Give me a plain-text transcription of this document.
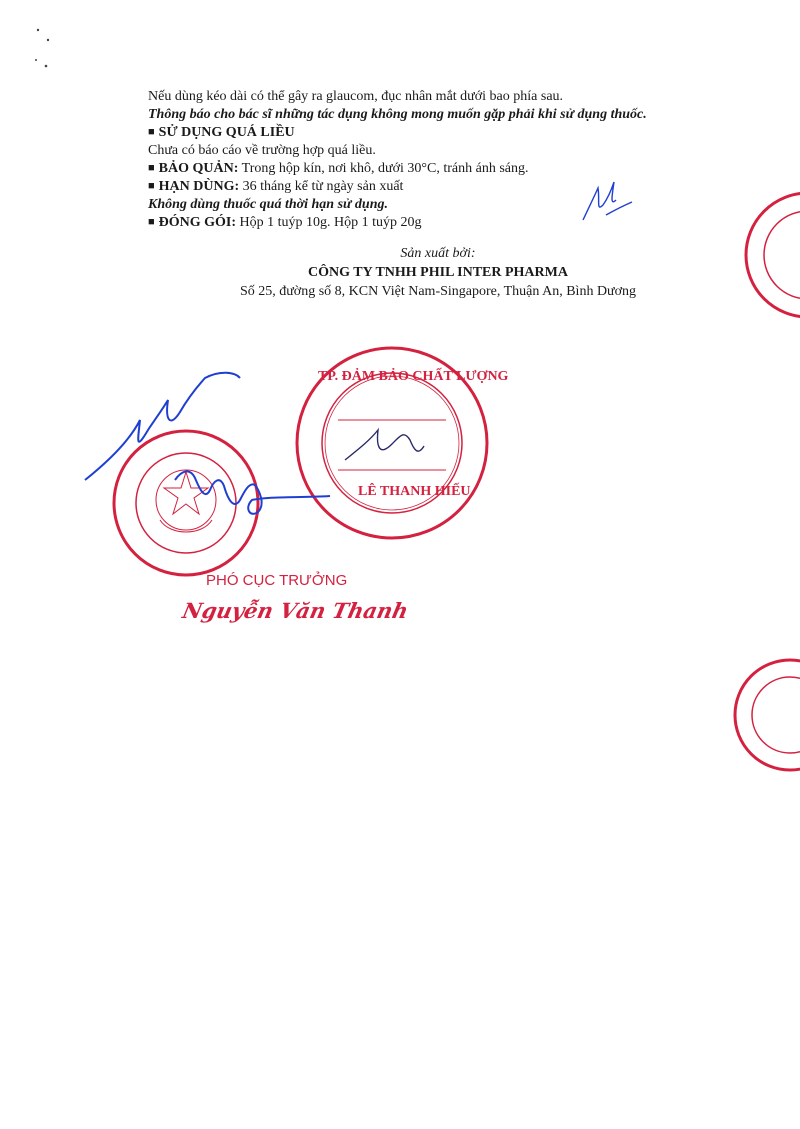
Nếu dùng kéo dài có thể gây ra glaucom, đục nhân mắt dưới bao phía sau.
Thông báo cho bác sĩ những tác dụng không mong muốn gặp phải khi sử dụng thuốc.
■ SỬ DỤNG QUÁ LIỀU
Chưa có báo cáo về trường hợp quá liều.
■ BẢO QUẢN: Trong hộp kín, nơi khô, dưới 30°C, tránh ánh sáng.
■ HẠN DÙNG: 36 tháng kể từ ngày sản xuất
Không dùng thuốc quá thời hạn sử dụng.
■ ĐÓNG GÓI: Hộp 1 tuýp 10g. Hộp 1 tuýp 20g
Sản xuất bởi:
CÔNG TY TNHH PHIL INTER PHARMA
Số 25, đường số 8, KCN Việt Nam-Singapore, Thuận An, Bình Dương
TP. ĐẢM BẢO CHẤT LƯỢNG
LÊ THANH HIẾU
PHÓ CỤC TRƯỞNG
Nguyễn Văn Thanh
